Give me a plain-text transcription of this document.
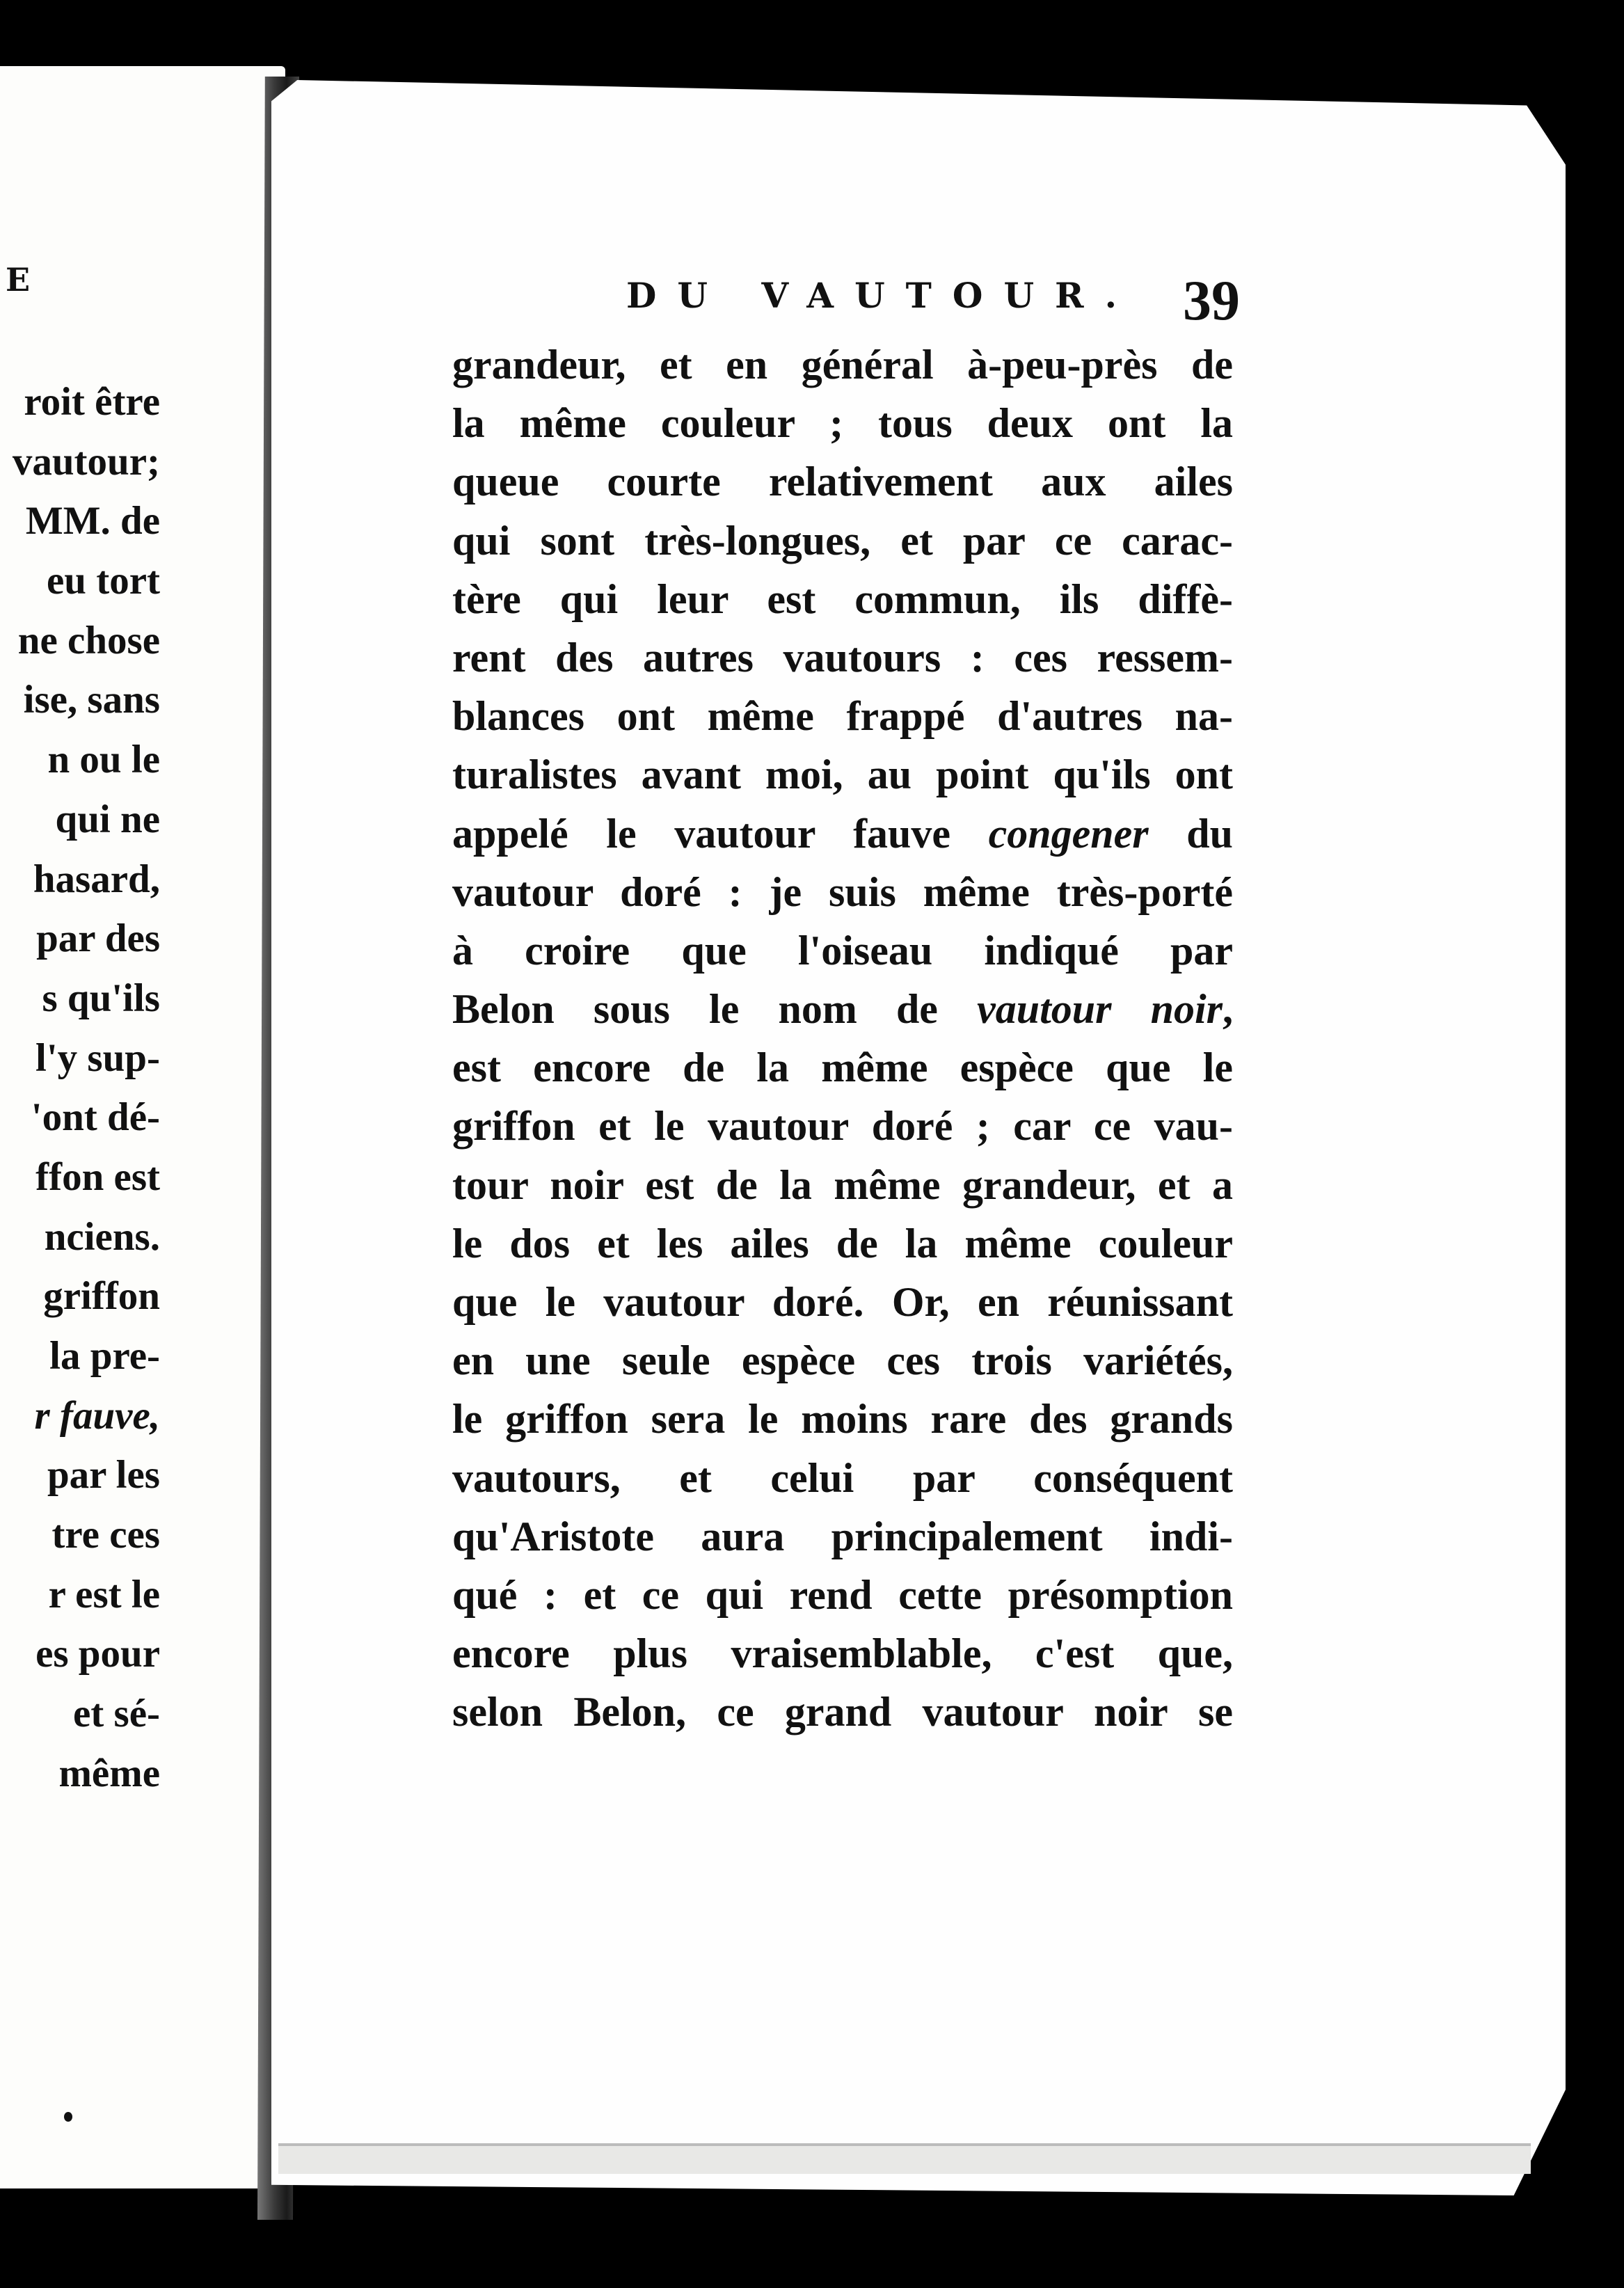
E
roit être
vautour;
MM. de
eu tort
ne chose
ise, sans
n ou le
qui ne
hasard,
par des
s qu'ils
l'y sup-
'ont dé-
ffon est
nciens.
griffon
la pre-
r fauve,
par les
tre ces
r est le
es pour
et sé-
même
DU VAUTOUR. 39
grandeur, et en général à-peu-près de
la même couleur ; tous deux ont la
queue courte relativement aux ailes
qui sont très-longues, et par ce carac-
tère qui leur est commun, ils diffè-
rent des autres vautours : ces ressem-
blances ont même frappé d'autres na-
turalistes avant moi, au point qu'ils ont
appelé le vautour fauve congener du
vautour doré : je suis même très-porté
à croire que l'oiseau indiqué par
Belon sous le nom de vautour noir,
est encore de la même espèce que le
griffon et le vautour doré ; car ce vau-
tour noir est de la même grandeur, et a
le dos et les ailes de la même couleur
que le vautour doré. Or, en réunissant
en une seule espèce ces trois variétés,
le griffon sera le moins rare des grands
vautours, et celui par conséquent
qu'Aristote aura principalement indi-
qué : et ce qui rend cette présomption
encore plus vraisemblable, c'est que,
selon Belon, ce grand vautour noir se
